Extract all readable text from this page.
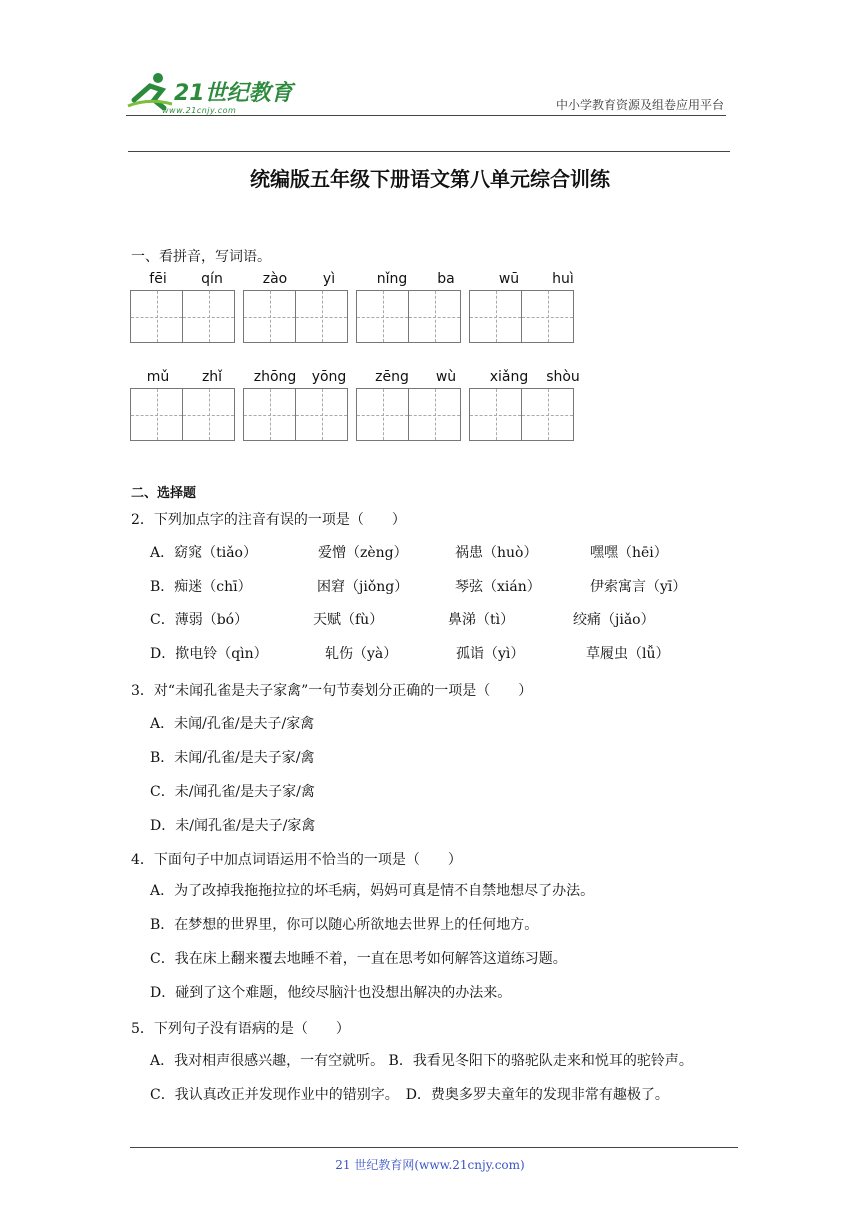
21世纪教育
www.21cnjy.com	中小学教育资源及组卷应用平台
统编版五年级下册语文第八单元综合训练
一、看拼音，写词语。
fēi	qín	zào	yì	nǐng	ba	wū	huì
mǔ	zhǐ	zhōng	yōng	zēng	wù	xiǎng	shòu
二、选择题
2．下列加点字的注音有误的一项是（　　）
A．窈窕（tiǎo）	爱憎（zèng）	祸患（huò）	嘿嘿（hēi）
B．痴迷（chī）	困窘（jiǒng）	琴弦（xián）	伊索寓言（yī）
C．薄弱（bó）	天赋（fù）	鼻涕（tì）	绞痛（jiǎo）
D．揿电铃（qìn）	轧伤（yà）	孤诣（yì）	草履虫（lǚ）
3．对“未闻孔雀是夫子家禽”一句节奏划分正确的一项是（　　）
A．未闻/孔雀/是夫子/家禽
B．未闻/孔雀/是夫子家/禽
C．未/闻孔雀/是夫子家/禽
D．未/闻孔雀/是夫子/家禽
4．下面句子中加点词语运用不恰当的一项是（　　）
A．为了改掉我拖拖拉拉的坏毛病，妈妈可真是情不自禁地想尽了办法。
B．在梦想的世界里，你可以随心所欲地去世界上的任何地方。
C．我在床上翻来覆去地睡不着，一直在思考如何解答这道练习题。
D．碰到了这个难题，他绞尽脑汁也没想出解决的办法来。
5．下列句子没有语病的是（　　）
A．我对相声很感兴趣，一有空就听。 B．我看见冬阳下的骆驼队走来和悦耳的驼铃声。
C．我认真改正并发现作业中的错别字。　D．费奥多罗夫童年的发现非常有趣极了。
21 世纪教育网(www.21cnjy.com)
